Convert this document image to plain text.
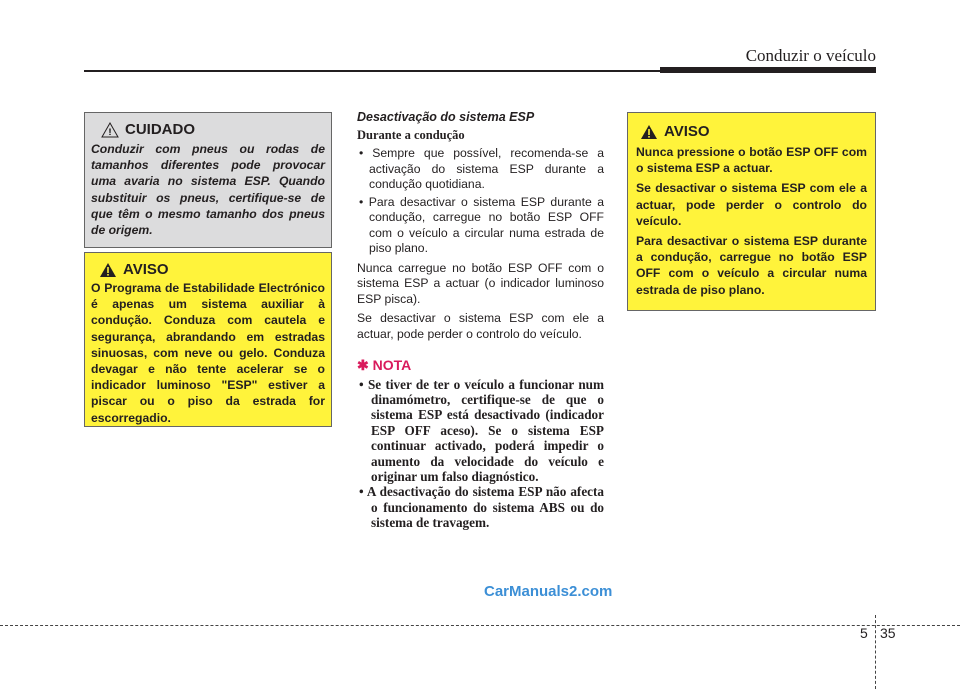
Conduzir o veículo
! CUIDADO
Conduzir com pneus ou rodas de tamanhos diferentes pode provocar uma avaria no sistema ESP. Quando substituir os pneus, certifique-se de que têm o mesmo tamanho dos pneus de origem.
AVISO
O Programa de Estabilidade Electrónico é apenas um sistema auxiliar à condução. Conduza com cautela e segurança, abrandando em estradas sinuosas, com neve ou gelo. Conduza devagar e não tente acelerar se o indicador luminoso "ESP" estiver a piscar ou o piso da estrada for escorregadio.
Desactivação do sistema ESP
Durante a condução
• Sempre que possível, recomenda-se a activação do sistema ESP durante a condução quotidiana.
• Para desactivar o sistema ESP durante a condução, carregue no botão ESP OFF com o veículo a circular numa estrada de piso plano.
Nunca carregue no botão ESP OFF com o sistema ESP a actuar (o indicador luminoso ESP pisca).
Se desactivar o sistema ESP com ele a actuar, pode perder o controlo do veículo.
✱ NOTA
• Se tiver de ter o veículo a funcionar num dinamómetro, certifique-se de que o sistema ESP está desactivado (indicador ESP OFF aceso). Se o sistema ESP continuar activado, poderá impedir o aumento da velocidade do veículo e originar um falso diagnóstico.
• A desactivação do sistema ESP não afecta o funcionamento do sistema ABS ou do sistema de travagem.
AVISO
Nunca pressione o botão ESP OFF com o sistema ESP a actuar.
Se desactivar o sistema ESP com ele a actuar, pode perder o controlo do veículo.
Para desactivar o sistema ESP durante a condução, carregue no botão ESP OFF com o veículo a circular numa estrada de piso plano.
CarManuals2.com
5 35
